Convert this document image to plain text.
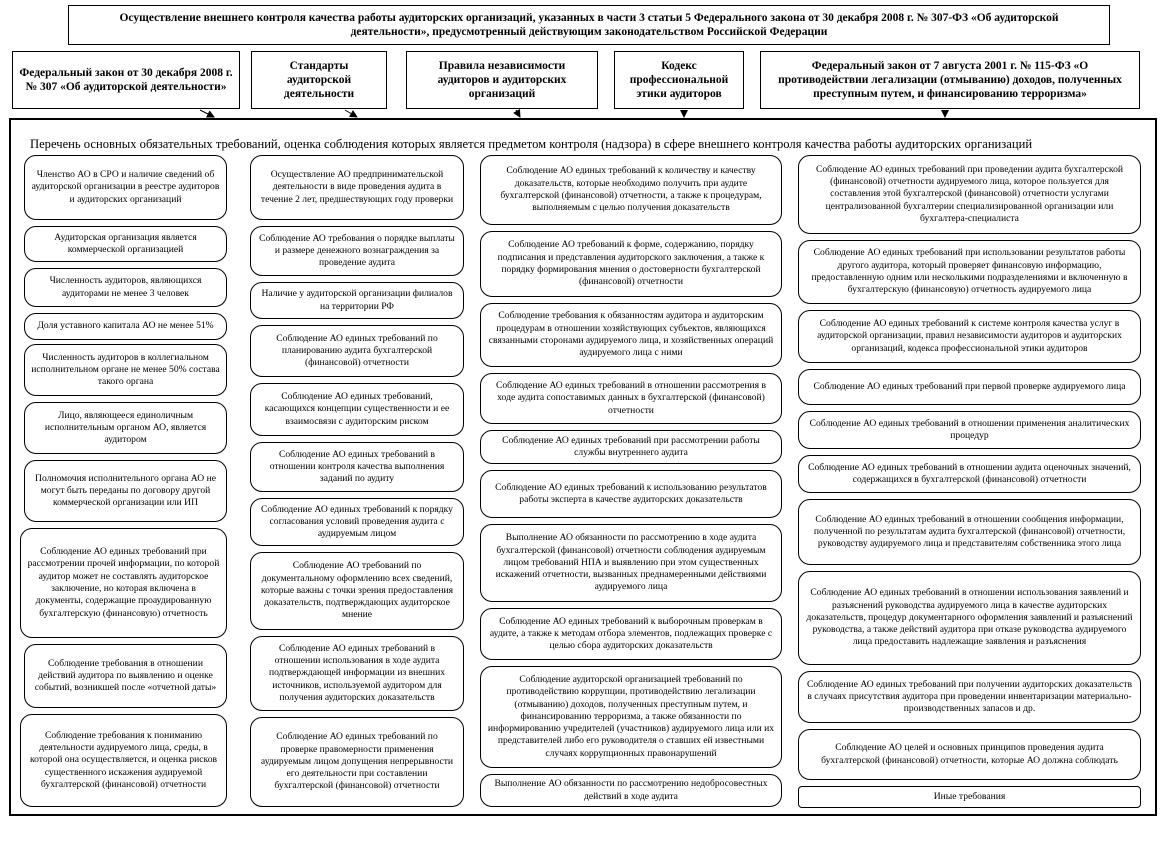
Осуществление внешнего контроля качества работы аудиторских организаций, указанных в части 3 статьи 5 Федерального закона от 30 декабря 2008 г. № 307-ФЗ «Об аудиторской деятельности», предусмотренный действующим законодательством Российской Федерации
Федеральный закон от 30 декабря 2008 г. № 307 «Об аудиторской деятельности»
Стандарты аудиторской деятельности
Правила независимости аудиторов и аудиторских организаций
Кодекс профессиональной этики аудиторов
Федеральный закон от 7 августа 2001 г. № 115-ФЗ «О противодействии легализации (отмыванию) доходов, полученных преступным путем, и финансированию терроризма»
Перечень основных обязательных требований, оценка соблюдения которых является предметом контроля (надзора) в сфере внешнего контроля качества работы аудиторских организаций
Членство АО в СРО и наличие сведений об аудиторской организации в реестре аудиторов и аудиторских организаций
Аудиторская организация является коммерческой организацией
Численность аудиторов, являющихся аудиторами не менее 3 человек
Доля уставного капитала АО не менее 51%
Численность аудиторов в коллегиальном исполнительном органе не менее 50% состава такого органа
Лицо, являющееся единоличным исполнительным органом АО, является аудитором
Полномочия исполнительного органа АО не могут быть переданы по договору другой коммерческой организации или ИП
Соблюдение АО единых требований при рассмотрении прочей информации, по которой аудитор может не составлять аудиторское заключение, но которая включена в документы, содержащие проаудированную бухгалтерскую (финансовую) отчетность
Соблюдение требования в отношении действий аудитора по выявлению и оценке событий, возникшей после «отчетной даты»
Соблюдение требования к пониманию деятельности аудируемого лица, среды, в которой она осуществляется, и оценка рисков существенного искажения аудируемой бухгалтерской (финансовой) отчетности
Осуществление АО предпринимательской деятельности в виде проведения аудита в течение 2 лет, предшествующих году проверки
Соблюдение АО требования о порядке выплаты и размере денежного вознаграждения за проведение аудита
Наличие у аудиторской организации филиалов на территории РФ
Соблюдение АО единых требований по планированию аудита бухгалтерской (финансовой) отчетности
Соблюдение АО единых требований, касающихся концепции существенности и ее взаимосвязи с аудиторским риском
Соблюдение АО единых требований в отношении контроля качества выполнения заданий по аудиту
Соблюдение АО единых требований к порядку согласования условий проведения аудита с аудируемым лицом
Соблюдение АО требований по документальному оформлению всех сведений, которые важны с точки зрения предоставления доказательств, подтверждающих аудиторское мнение
Соблюдение АО единых требований в отношении использования в ходе аудита подтверждающей информации из внешних источников, используемой аудитором для получения аудиторских доказательств
Соблюдение АО единых требований по проверке правомерности применения аудируемым лицом допущения непрерывности его деятельности при составлении бухгалтерской (финансовой) отчетности
Соблюдение АО единых требований к количеству и качеству доказательств, которые необходимо получить при аудите бухгалтерской (финансовой) отчетности, а также к процедурам, выполняемым с целью получения доказательств
Соблюдение АО требований к форме, содержанию, порядку подписания и представления аудиторского заключения, а также к порядку формирования мнения о достоверности бухгалтерской (финансовой) отчетности
Соблюдение требования к обязанностям аудитора и аудиторским процедурам в отношении хозяйствующих субъектов, являющихся связанными сторонами аудируемого лица, и хозяйственных операций аудируемого лица с ними
Соблюдение АО единых требований в отношении рассмотрения в ходе аудита сопоставимых данных в бухгалтерской (финансовой) отчетности
Соблюдение АО единых требований при рассмотрении работы службы внутреннего аудита
Соблюдение АО единых требований к использованию результатов работы эксперта в качестве аудиторских доказательств
Выполнение АО обязанности по рассмотрению в ходе аудита бухгалтерской (финансовой) отчетности соблюдения аудируемым лицом требований НПА и выявлению при этом существенных искажений отчетности, вызванных преднамеренными действиями аудируемого лица
Соблюдение АО единых требований к выборочным проверкам в аудите, а также к методам отбора элементов, подлежащих проверке с целью сбора аудиторских доказательств
Соблюдение аудиторской организацией требований по противодействию коррупции, противодействию легализации (отмыванию) доходов, полученных преступным путем, и финансированию терроризма, а также обязанности по информированию учредителей (участников) аудируемого лица или их представителей либо его руководителя о ставших ей известными случаях коррупционных правонарушений
Выполнение АО обязанности по рассмотрению недобросовестных действий в ходе аудита
Соблюдение АО единых требований при проведении аудита бухгалтерской (финансовой) отчетности аудируемого лица, которое пользуется для составления этой бухгалтерской (финансовой) отчетности услугами централизованной бухгалтерии специализированной организации или бухгалтера-специалиста
Соблюдение АО единых требований при использовании результатов работы другого аудитора, который проверяет финансовую информацию, предоставленную одним или несколькими подразделениями и включенную в бухгалтерскую (финансовую) отчетность аудируемого лица
Соблюдение АО единых требований к системе контроля качества услуг в аудиторской организации, правил независимости аудиторов и аудиторских организаций, кодекса профессиональной этики аудиторов
Соблюдение АО единых требований при первой проверке аудируемого лица
Соблюдение АО единых требований в отношении применения аналитических процедур
Соблюдение АО единых требований в отношении аудита оценочных значений, содержащихся в бухгалтерской (финансовой) отчетности
Соблюдение АО единых требований в отношении сообщения информации, полученной по результатам аудита бухгалтерской (финансовой) отчетности, руководству аудируемого лица и представителям собственника этого лица
Соблюдение АО единых требований в отношении использования заявлений и разъяснений руководства аудируемого лица в качестве аудиторских доказательств, процедур документарного оформления заявлений и разъяснений руководства, а также действий аудитора при отказе руководства аудируемого лица предоставить надлежащие заявления и разъяснения
Соблюдение АО единых требований при получении аудиторских доказательств в случаях присутствия аудитора при проведении инвентаризации материально-производственных запасов и др.
Соблюдение АО целей и основных принципов проведения аудита бухгалтерской (финансовой) отчетности, которые АО должна соблюдать
Иные требования
